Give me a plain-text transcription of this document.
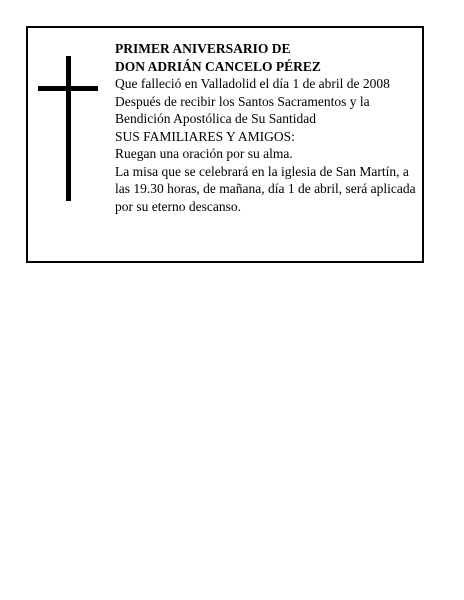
PRIMER ANIVERSARIO DE
DON ADRIÁN CANCELO PÉREZ
Que falleció en Valladolid el día 1 de abril de 2008
Después de recibir los Santos Sacramentos y la
Bendición Apostólica de Su Santidad
SUS FAMILIARES Y AMIGOS:
Ruegan una oración por su alma.
La misa que se celebrará en la iglesia de San Martín, a las 19.30 horas, de mañana, día 1 de abril, será aplicada por su eterno descanso.
